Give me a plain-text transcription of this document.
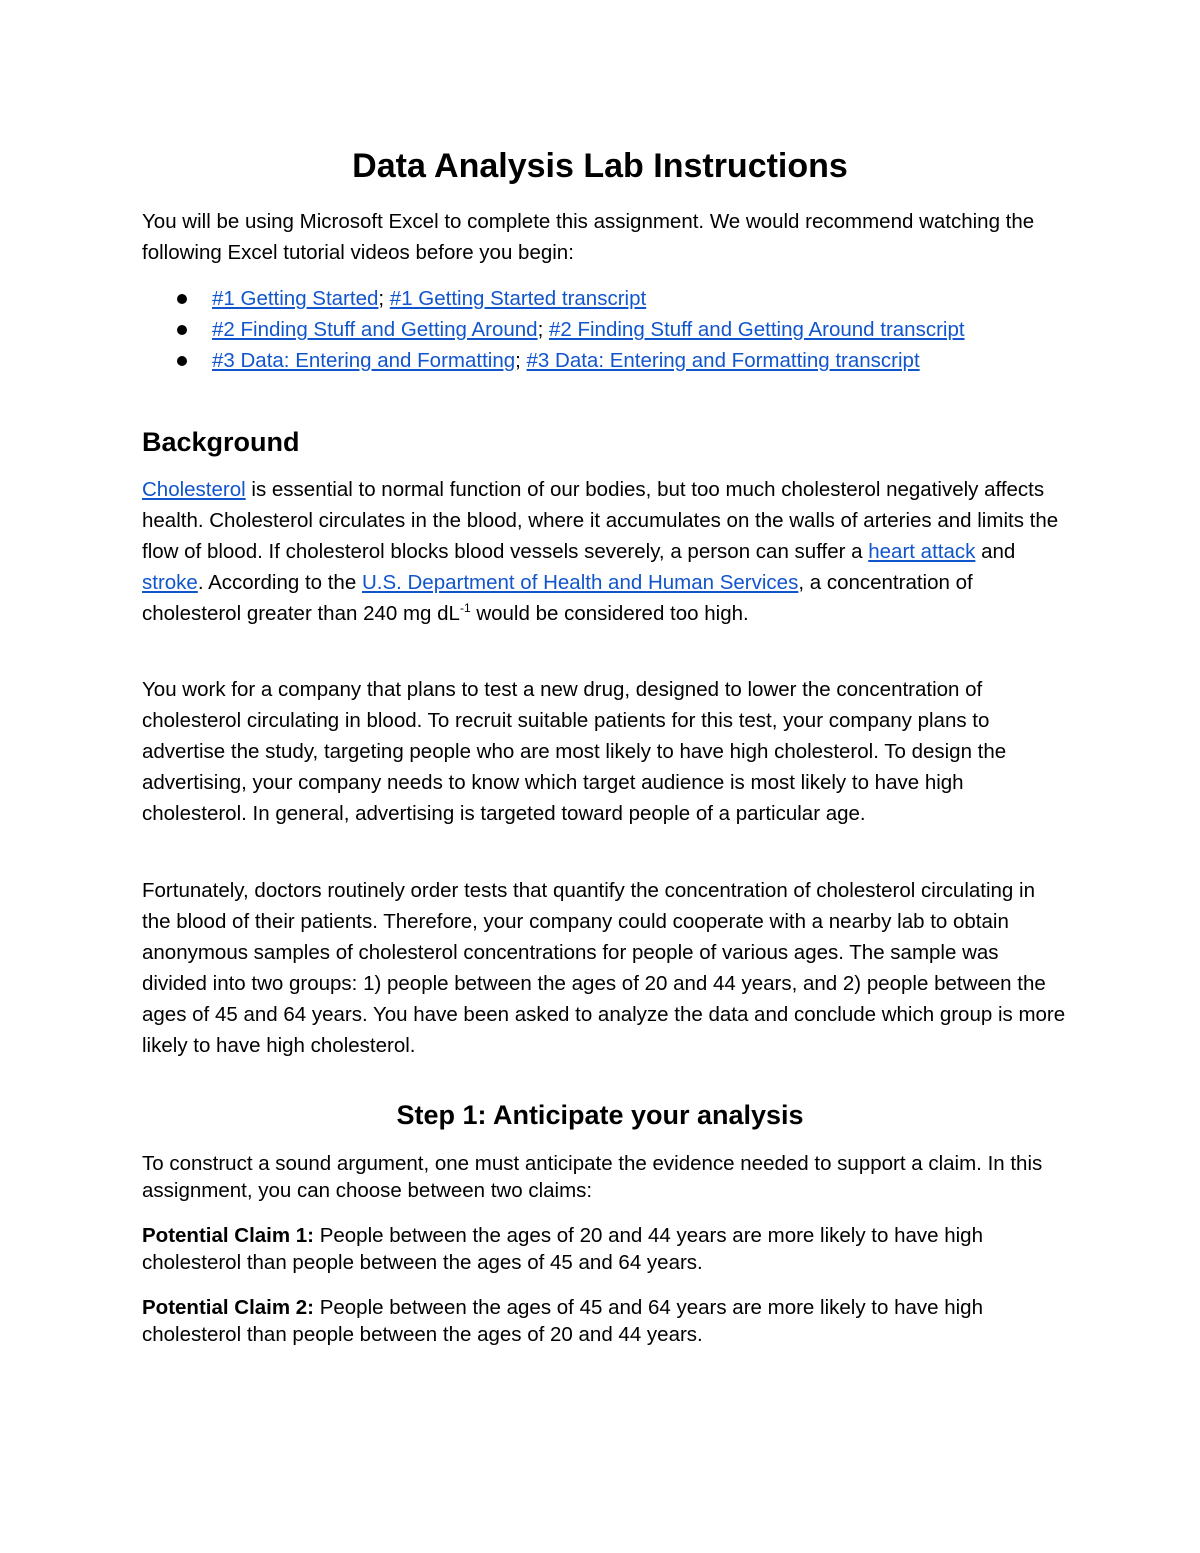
Data Analysis Lab Instructions

You will be using Microsoft Excel to complete this assignment. We would recommend watching the following Excel tutorial videos before you begin:

#1 Getting Started; #1 Getting Started transcript
#2 Finding Stuff and Getting Around; #2 Finding Stuff and Getting Around transcript
#3 Data: Entering and Formatting; #3 Data: Entering and Formatting transcript
Background

Cholesterol is essential to normal function of our bodies, but too much cholesterol negatively affects health. Cholesterol circulates in the blood, where it accumulates on the walls of arteries and limits the flow of blood. If cholesterol blocks blood vessels severely, a person can suffer a heart attack and stroke. According to the U.S. Department of Health and Human Services, a concentration of cholesterol greater than 240 mg $dL^{-1}$ would be considered too high.

You work for a company that plans to test a new drug, designed to lower the concentration of cholesterol circulating in blood. To recruit suitable patients for this test, your company plans to advertise the study, targeting people who are most likely to have high cholesterol. To design the advertising, your company needs to know which target audience is most likely to have high cholesterol. In general, advertising is targeted toward people of a particular age.

Fortunately, doctors routinely order tests that quantify the concentration of cholesterol circulating in the blood of their patients. Therefore, your company could cooperate with a nearby lab to obtain anonymous samples of cholesterol concentrations for people of various ages. The sample was divided into two groups: 1) people between the ages of 20 and 44 years, and 2) people between the ages of 45 and 64 years. You have been asked to analyze the data and conclude which group is more likely to have high cholesterol.

Step 1: Anticipate your analysis

To construct a sound argument, one must anticipate the evidence needed to support a claim. In this assignment, you can choose between two claims:

Potential Claim 1: People between the ages of 20 and 44 years are more likely to have high cholesterol than people between the ages of 45 and 64 years.

Potential Claim 2: People between the ages of 45 and 64 years are more likely to have high cholesterol than people between the ages of 20 and 44 years.
